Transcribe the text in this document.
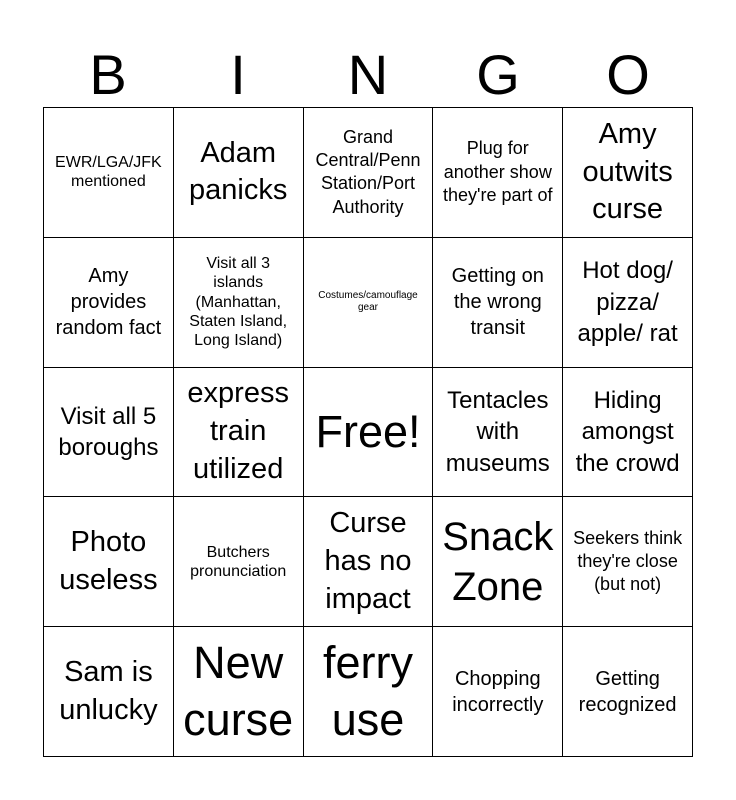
B	I	N	G	O
EWR/LGA/JFK mentioned
Adam panicks
Grand Central/Penn Station/Port Authority
Plug for another show they're part of
Amy outwits curse
Amy provides random fact
Visit all 3 islands (Manhattan, Staten Island, Long Island)
Costumes/camouflage gear
Getting on the wrong transit
Hot dog/ pizza/ apple/ rat
Visit all 5 boroughs
express train utilized
Free!
Tentacles with museums
Hiding amongst the crowd
Photo useless
Butchers pronunciation
Curse has no impact
Snack Zone
Seekers think they're close (but not)
Sam is unlucky
New curse
ferry use
Chopping incorrectly
Getting recognized
